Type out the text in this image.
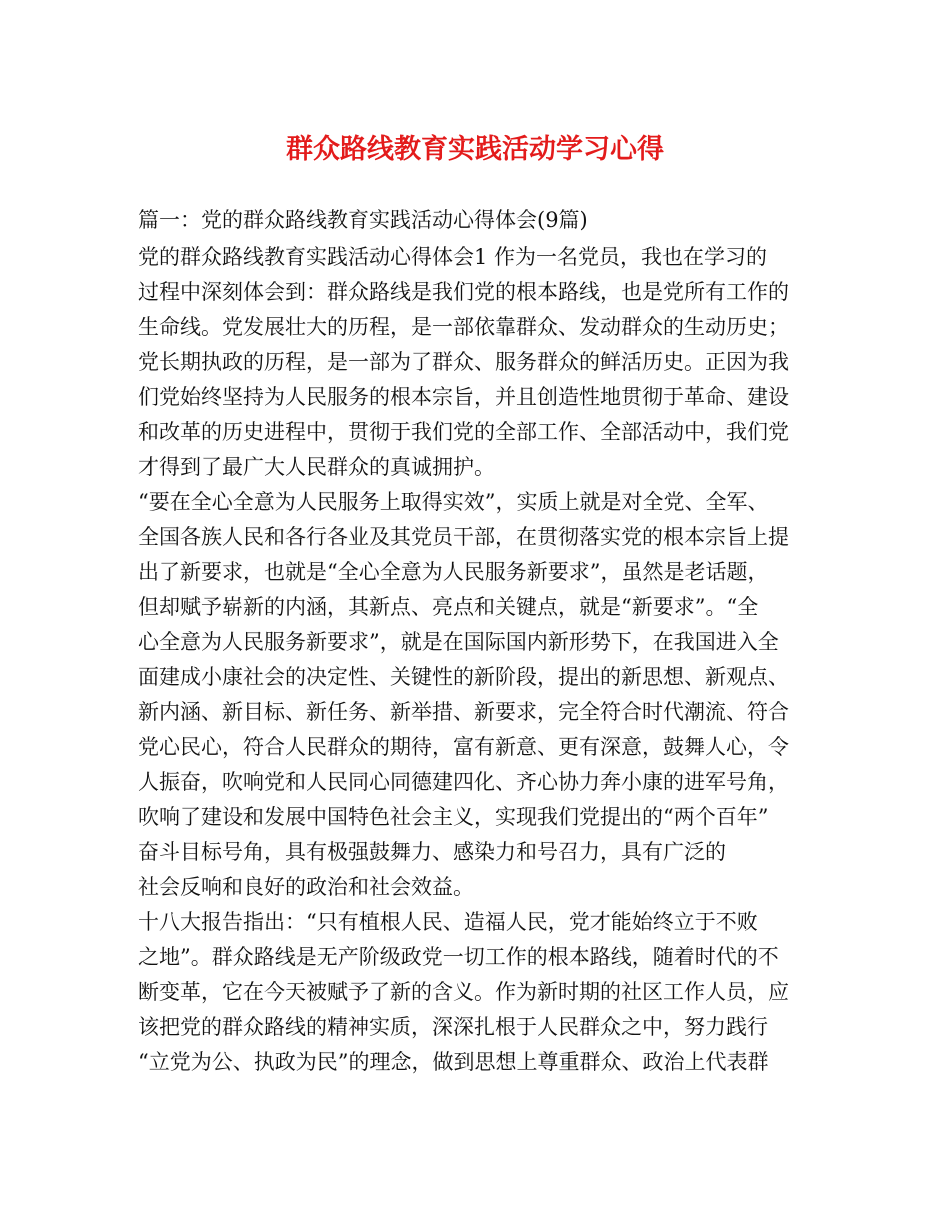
群众路线教育实践活动学习心得
篇一：党的群众路线教育实践活动心得体会(9篇)
党的群众路线教育实践活动心得体会1 作为一名党员，我也在学习的
过程中深刻体会到：群众路线是我们党的根本路线，也是党所有工作的
生命线。党发展壮大的历程，是一部依靠群众、发动群众的生动历史；
党长期执政的历程，是一部为了群众、服务群众的鲜活历史。正因为我
们党始终坚持为人民服务的根本宗旨，并且创造性地贯彻于革命、建设
和改革的历史进程中，贯彻于我们党的全部工作、全部活动中，我们党
才得到了最广大人民群众的真诚拥护。
“要在全心全意为人民服务上取得实效”，实质上就是对全党、全军、
全国各族人民和各行各业及其党员干部，在贯彻落实党的根本宗旨上提
出了新要求，也就是“全心全意为人民服务新要求”，虽然是老话题，
但却赋予崭新的内涵，其新点、亮点和关键点，就是“新要求”。“全
心全意为人民服务新要求”，就是在国际国内新形势下，在我国进入全
面建成小康社会的决定性、关键性的新阶段，提出的新思想、新观点、
新内涵、新目标、新任务、新举措、新要求，完全符合时代潮流、符合
党心民心，符合人民群众的期待，富有新意、更有深意，鼓舞人心，令
人振奋，吹响党和人民同心同德建四化、齐心协力奔小康的进军号角，
吹响了建设和发展中国特色社会主义，实现我们党提出的“两个百年”
奋斗目标号角，具有极强鼓舞力、感染力和号召力，具有广泛的
社会反响和良好的政治和社会效益。
十八大报告指出：“只有植根人民、造福人民，党才能始终立于不败
之地”。群众路线是无产阶级政党一切工作的根本路线，随着时代的不
断变革，它在今天被赋予了新的含义。作为新时期的社区工作人员，应
该把党的群众路线的精神实质，深深扎根于人民群众之中，努力践行
“立党为公、执政为民”的理念，做到思想上尊重群众、政治上代表群
